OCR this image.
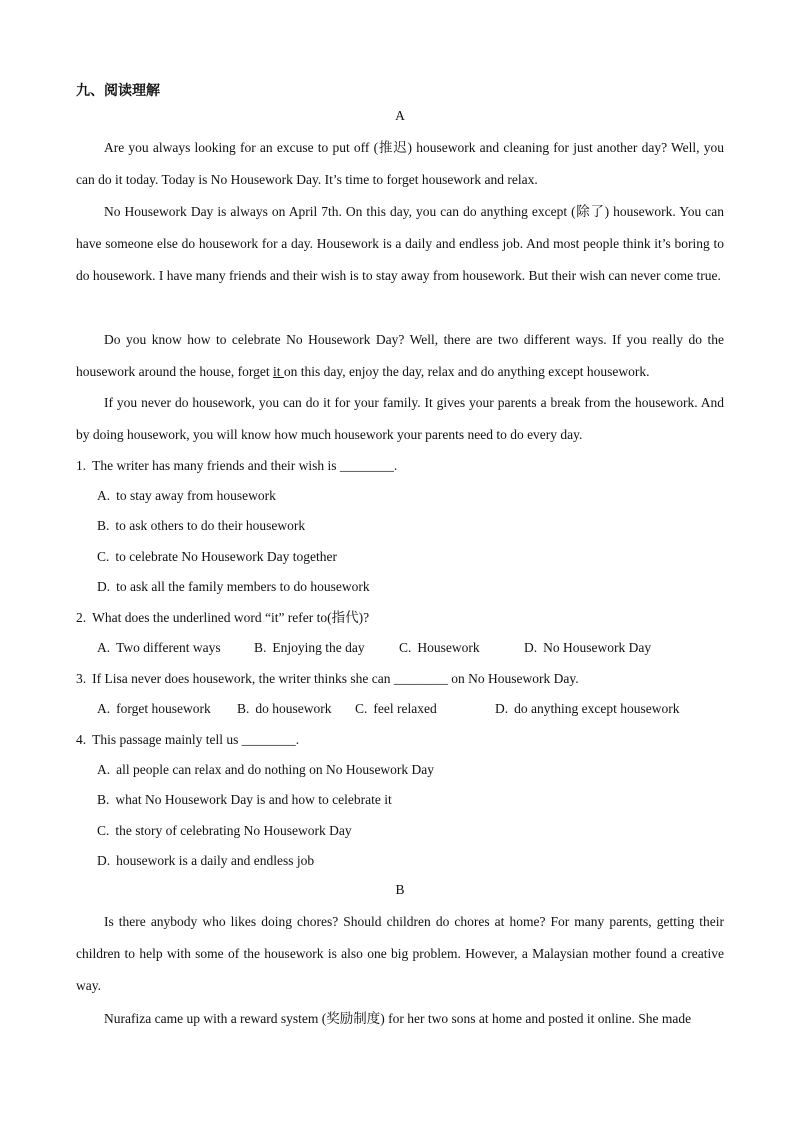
九、阅读理解
A

Are you always looking for an excuse to put off (推迟) housework and cleaning for just another day? Well, you can do it today. Today is No Housework Day. It’s time to forget housework and relax.

No Housework Day is always on April 7th. On this day, you can do anything except (除了) housework. You can have someone else do housework for a day. Housework is a daily and endless job. And most people think it’s boring to do housework. I have many friends and their wish is to stay away from housework. But their wish can never come true.

Do you know how to celebrate No Housework Day? Well, there are two different ways. If you really do the housework around the house, forget it on this day, enjoy the day, relax and do anything except housework.

If you never do housework, you can do it for your family. It gives your parents a break from the housework. And by doing housework, you will know how much housework your parents need to do every day.

1. The writer has many friends and their wish is ________.
A. to stay away from housework
B. to ask others to do their housework
C. to celebrate No Housework Day together
D. to ask all the family members to do housework
2. What does the underlined word “it” refer to(指代)?
A. Two different ways B. Enjoying the day	C. Housework	D. No Housework Day
3. If Lisa never does housework, the writer thinks she can ________ on No Housework Day.
A. forget housework B. do housework C. feel relaxed	D. do anything except housework
4. This passage mainly tell us ________.
A. all people can relax and do nothing on No Housework Day
B. what No Housework Day is and how to celebrate it
C. the story of celebrating No Housework Day
D. housework is a daily and endless job
B

Is there anybody who likes doing chores? Should children do chores at home? For many parents, getting their children to help with some of the housework is also one big problem. However, a Malaysian mother found a creative way.

Nurafiza came up with a reward system (奖励制度) for her two sons at home and posted it online. She made
